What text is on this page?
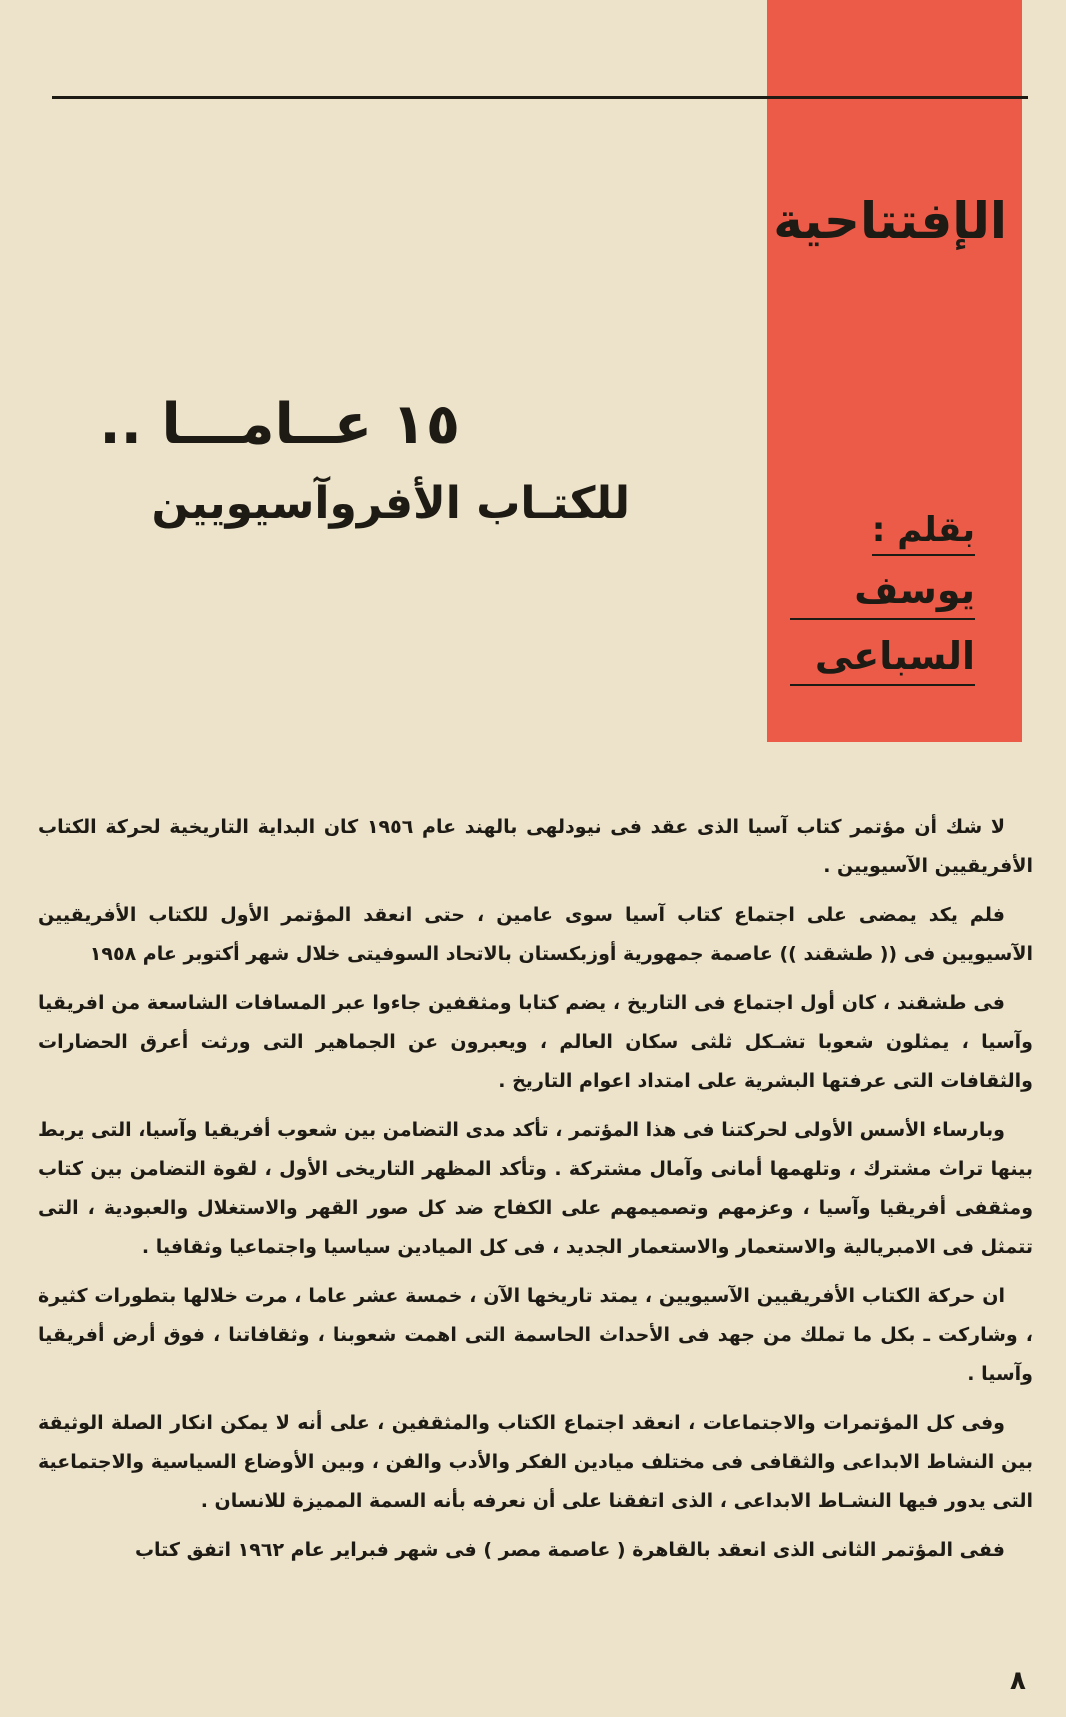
الإفتتاحية
بقلم :
يوسف
السباعى
١٥ عــامـــا ..
للكتـاب الأفروآسيويين

لا شك أن مؤتمر كتاب آسيا الذى عقد فى نيودلهى بالهند عام ١٩٥٦ كان البداية التاريخية لحركة الكتاب الأفريقيين الآسيويين .

فلم يكد يمضى على اجتماع كتاب آسيا سوى عامين ، حتى انعقد المؤتمر الأول للكتاب الأفريقيين الآسيويين فى (( طشقند )) عاصمة جمهورية أوزبكستان بالاتحاد السوفيتى خلال شهر أكتوبر عام ١٩٥٨

فى طشقند ، كان أول اجتماع فى التاريخ ، يضم كتابا ومثقفين جاءوا عبر المسافات الشاسعة من افريقيا وآسيا ، يمثلون شعوبا تشـكل ثلثى سكان العالم ، ويعبرون عن الجماهير التى ورثت أعرق الحضارات والثقافات التى عرفتها البشرية على امتداد اعوام التاريخ .

وبارساء الأسس الأولى لحركتنا فى هذا المؤتمر ، تأكد مدى التضامن بين شعوب أفريقيا وآسيا، التى يربط بينها تراث مشترك ، وتلهمها أمانى وآمال مشتركة . وتأكد المظهر التاريخى الأول ، لقوة التضامن بين كتاب ومثقفى أفريقيا وآسيا ، وعزمهم وتصميمهم على الكفاح ضد كل صور القهر والاستغلال والعبودية ، التى تتمثل فى الامبريالية والاستعمار والاستعمار الجديد ، فى كل الميادين سياسيا واجتماعيا وثقافيا .

ان حركة الكتاب الأفريقيين الآسيويين ، يمتد تاريخها الآن ، خمسة عشر عاما ، مرت خلالها بتطورات كثيرة ، وشاركت ـ بكل ما تملك من جهد فى الأحداث الحاسمة التى اهمت شعوبنا ، وثقافاتنا ، فوق أرض أفريقيا وآسيا .

وفى كل المؤتمرات والاجتماعات ، انعقد اجتماع الكتاب والمثقفين ، على أنه لا يمكن انكار الصلة الوثيقة بين النشاط الابداعى والثقافى فى مختلف ميادين الفكر والأدب والفن ، وبين الأوضاع السياسية والاجتماعية التى يدور فيها النشـاط الابداعى ، الذى اتفقنا على أن نعرفه بأنه السمة المميزة للانسان .

ففى المؤتمر الثانى الذى انعقد بالقاهرة ( عاصمة مصر ) فى شهر فبراير عام ١٩٦٢ اتفق كتاب

٨
